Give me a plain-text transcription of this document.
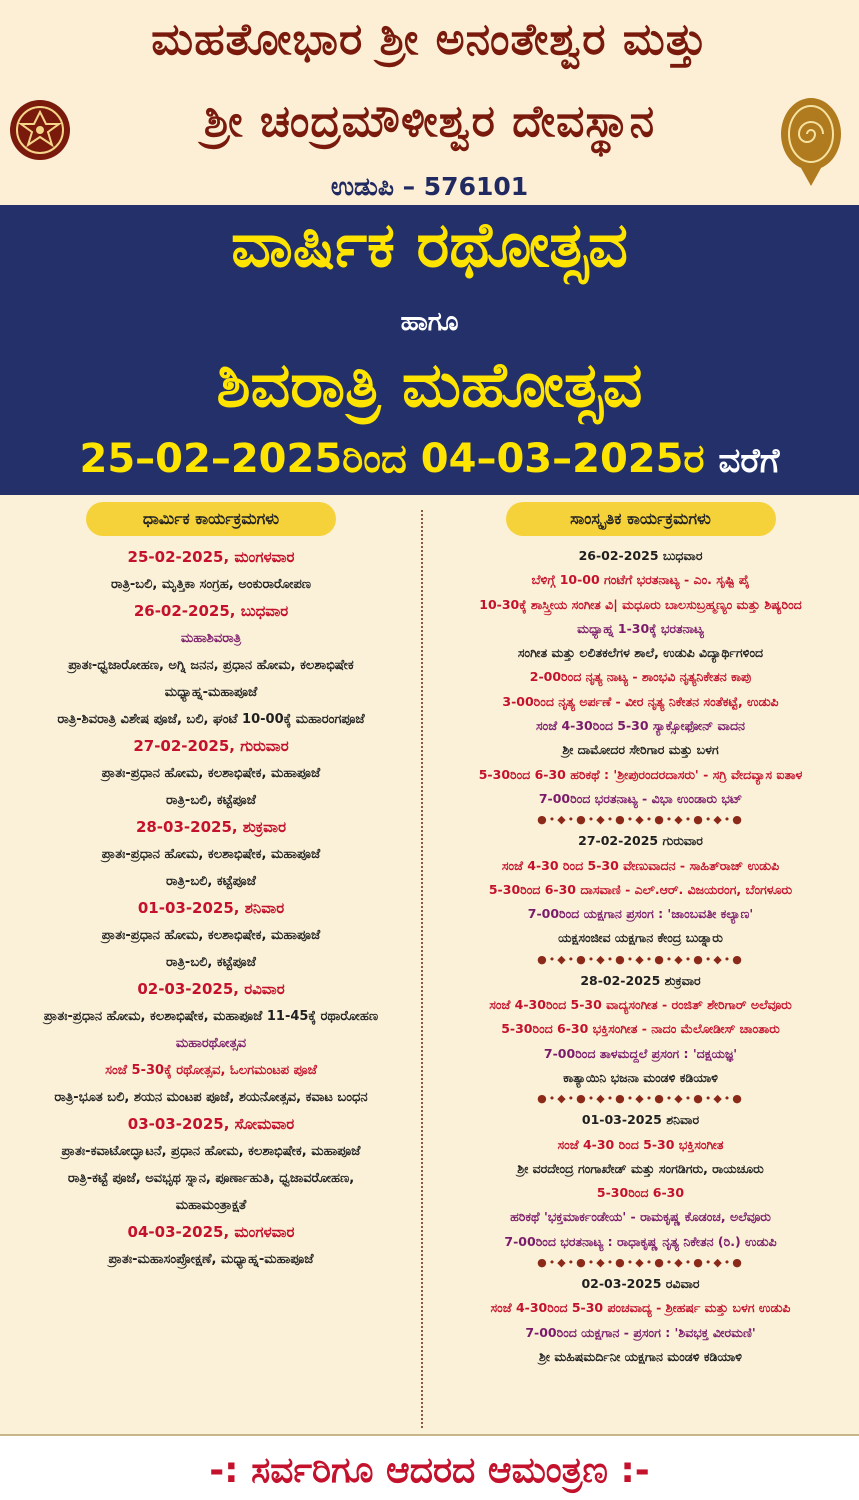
ಮಹತೋಭಾರ ಶ್ರೀ ಅನಂತೇಶ್ವರ ಮತ್ತು
ಶ್ರೀ ಚಂದ್ರಮೌಳೀಶ್ವರ ದೇವಸ್ಥಾನ
ಉಡುಪಿ – 576101
ವಾರ್ಷಿಕ ರಥೋತ್ಸವ
ಹಾಗೂ
ಶಿವರಾತ್ರಿ ಮಹೋತ್ಸವ
25–02–2025ರಿಂದ 04–03–2025ರ ವರೆಗೆ
ಧಾರ್ಮಿಕ ಕಾರ್ಯಕ್ರಮಗಳು
25-02-2025, ಮಂಗಳವಾರ
ರಾತ್ರಿ-ಬಲಿ, ಮೃತ್ತಿಕಾ ಸಂಗ್ರಹ, ಅಂಕುರಾರೋಪಣ
26-02-2025, ಬುಧವಾರ
ಮಹಾಶಿವರಾತ್ರಿ
ಪ್ರಾತಃ-ಧ್ವಜಾರೋಹಣ, ಅಗ್ನಿ ಜನನ, ಪ್ರಧಾನ ಹೋಮ, ಕಲಶಾಭಿಷೇಕ
ಮಧ್ಯಾಹ್ನ-ಮಹಾಪೂಜೆ
ರಾತ್ರಿ-ಶಿವರಾತ್ರಿ ವಿಶೇಷ ಪೂಜೆ, ಬಲಿ, ಘಂಟೆ 10-00ಕ್ಕೆ ಮಹಾರಂಗಪೂಜೆ
27-02-2025, ಗುರುವಾರ
ಪ್ರಾತಃ-ಪ್ರಧಾನ ಹೋಮ, ಕಲಶಾಭಿಷೇಕ, ಮಹಾಪೂಜೆ
ರಾತ್ರಿ-ಬಲಿ, ಕಟ್ಟೆಪೂಜೆ
28-03-2025, ಶುಕ್ರವಾರ
ಪ್ರಾತಃ-ಪ್ರಧಾನ ಹೋಮ, ಕಲಶಾಭಿಷೇಕ, ಮಹಾಪೂಜೆ
ರಾತ್ರಿ-ಬಲಿ, ಕಟ್ಟೆಪೂಜೆ
01-03-2025, ಶನಿವಾರ
ಪ್ರಾತಃ-ಪ್ರಧಾನ ಹೋಮ, ಕಲಶಾಭಿಷೇಕ, ಮಹಾಪೂಜೆ
ರಾತ್ರಿ-ಬಲಿ, ಕಟ್ಟೆಪೂಜೆ
02-03-2025, ರವಿವಾರ
ಪ್ರಾತಃ-ಪ್ರಧಾನ ಹೋಮ, ಕಲಶಾಭಿಷೇಕ, ಮಹಾಪೂಜೆ 11-45ಕ್ಕೆ ರಥಾರೋಹಣ
ಮಹಾರಥೋತ್ಸವ
ಸಂಜೆ 5-30ಕ್ಕೆ ರಥೋತ್ಸವ, ಓಲಗಮಂಟಪ ಪೂಜೆ
ರಾತ್ರಿ-ಭೂತ ಬಲಿ, ಶಯನ ಮಂಟಪ ಪೂಜೆ, ಶಯನೋತ್ಸವ, ಕವಾಟ ಬಂಧನ
03-03-2025, ಸೋಮವಾರ
ಪ್ರಾತಃ-ಕವಾಟೋದ್ಘಾಟನೆ, ಪ್ರಧಾನ ಹೋಮ, ಕಲಶಾಭಿಷೇಕ, ಮಹಾಪೂಜೆ
ರಾತ್ರಿ-ಕಟ್ಟೆ ಪೂಜೆ, ಅವಭೃಥ ಸ್ನಾನ, ಪೂರ್ಣಾಹುತಿ, ಧ್ವಜಾವರೋಹಣ,
ಮಹಾಮಂತ್ರಾಕ್ಷತೆ
04-03-2025, ಮಂಗಳವಾರ
ಪ್ರಾತಃ-ಮಹಾಸಂಪ್ರೋಕ್ಷಣೆ, ಮಧ್ಯಾಹ್ನ-ಮಹಾಪೂಜೆ
ಸಾಂಸ್ಕೃತಿಕ ಕಾರ್ಯಕ್ರಮಗಳು
26-02-2025 ಬುಧವಾರ
ಬೆಳಿಗ್ಗೆ 10-00 ಗಂಟೆಗೆ ಭರತನಾಟ್ಯ - ಎಂ. ಸೃಷ್ಟಿ ಪೈ
10-30ಕ್ಕೆ ಶಾಸ್ತ್ರೀಯ ಸಂಗೀತ ವಿ| ಮಧೂರು ಬಾಲಸುಬ್ರಹ್ಮಣ್ಯಂ ಮತ್ತು ಶಿಷ್ಯರಿಂದ
ಮಧ್ಯಾಹ್ನ 1-30ಕ್ಕೆ ಭರತನಾಟ್ಯ
ಸಂಗೀತ ಮತ್ತು ಲಲಿತಕಲೆಗಳ ಶಾಲೆ, ಉಡುಪಿ ವಿದ್ಯಾರ್ಥಿಗಳಿಂದ
2-00ರಿಂದ ನೃತ್ಯ ನಾಟ್ಯ - ಶಾಂಭವಿ ನೃತ್ಯನಿಕೇತನ ಕಾಪು
3-00ರಿಂದ ನೃತ್ಯ ಅರ್ಪಣೆ - ವೀರ ನೃತ್ಯ ನಿಕೇತನ ಸಂತೆಕಟ್ಟೆ, ಉಡುಪಿ
ಸಂಜೆ 4-30ರಿಂದ 5-30 ಸ್ಯಾಕ್ಸೋಫೋನ್ ವಾದನ
ಶ್ರೀ ದಾಮೋದರ ಸೇರಿಗಾರ ಮತ್ತು ಬಳಗ
5-30ರಿಂದ 6-30 ಹರಿಕಥೆ : 'ಶ್ರೀಪುರಂದರದಾಸರು' - ಸಗ್ರಿ ವೇದವ್ಯಾಸ ಐತಾಳ
7-00ರಿಂದ ಭರತನಾಟ್ಯ - ವಿಭಾ ಉಂಡಾರು ಭಟ್
●•◆•●•◆•●•◆•●•◆•●•◆•●
27-02-2025 ಗುರುವಾರ
ಸಂಜೆ 4-30 ರಿಂದ 5-30 ವೇಣುವಾದನ - ಸಾಹಿತ್‌ರಾಜ್ ಉಡುಪಿ
5-30ರಿಂದ 6-30 ದಾಸವಾಣಿ - ಎಲ್.ಆರ್. ವಿಜಯರಂಗ, ಬೆಂಗಳೂರು
7-00ರಿಂದ ಯಕ್ಷಗಾನ ಪ್ರಸಂಗ : 'ಜಾಂಬವತೀ ಕಲ್ಯಾಣ'
ಯಕ್ಷಸಂಜೀವ ಯಕ್ಷಗಾನ ಕೇಂದ್ರ ಬುಡ್ನಾರು
●•◆•●•◆•●•◆•●•◆•●•◆•●
28-02-2025 ಶುಕ್ರವಾರ
ಸಂಜೆ 4-30ರಿಂದ 5-30 ವಾದ್ಯಸಂಗೀತ - ರಂಜಿತ್ ಶೇರಿಗಾರ್ ಅಲೆವೂರು
5-30ರಿಂದ 6-30 ಭಕ್ತಿಸಂಗೀತ - ನಾದಂ ಮೆಲೋಡೀಸ್ ಚಾಂತಾರು
7-00ರಿಂದ ತಾಳಮದ್ದಲೆ ಪ್ರಸಂಗ : 'ದಕ್ಷಯಜ್ಞ'
ಕಾತ್ಯಾಯಿನಿ ಭಜನಾ ಮಂಡಳಿ ಕಡಿಯಾಳಿ
●•◆•●•◆•●•◆•●•◆•●•◆•●
01-03-2025 ಶನಿವಾರ
ಸಂಜೆ 4-30 ರಿಂದ 5-30 ಭಕ್ತಿಸಂಗೀತ
ಶ್ರೀ ವರದೇಂದ್ರ ಗಂಗಾಖೇಡ್ ಮತ್ತು ಸಂಗಡಿಗರು, ರಾಯಚೂರು
5-30ರಿಂದ 6-30
ಹರಿಕಥೆ 'ಭಕ್ತಮಾರ್ಕಂಡೇಯ' - ರಾಮಕೃಷ್ಣ ಕೊಡಂಚ, ಅಲೆವೂರು
7-00ರಿಂದ ಭರತನಾಟ್ಯ : ರಾಧಾಕೃಷ್ಣ ನೃತ್ಯ ನಿಕೇತನ (ರಿ.) ಉಡುಪಿ
●•◆•●•◆•●•◆•●•◆•●•◆•●
02-03-2025 ರವಿವಾರ
ಸಂಜೆ 4-30ರಿಂದ 5-30 ಪಂಚವಾದ್ಯ - ಶ್ರೀಹರ್ಷ ಮತ್ತು ಬಳಗ ಉಡುಪಿ
7-00ರಿಂದ ಯಕ್ಷಗಾನ - ಪ್ರಸಂಗ : 'ಶಿವಭಕ್ತ ವೀರಮಣಿ'
ಶ್ರೀ ಮಹಿಷಮರ್ದಿನೀ ಯಕ್ಷಗಾನ ಮಂಡಳಿ ಕಡಿಯಾಳಿ
-: ಸರ್ವರಿಗೂ ಆದರದ ಆಮಂತ್ರಣ :-
